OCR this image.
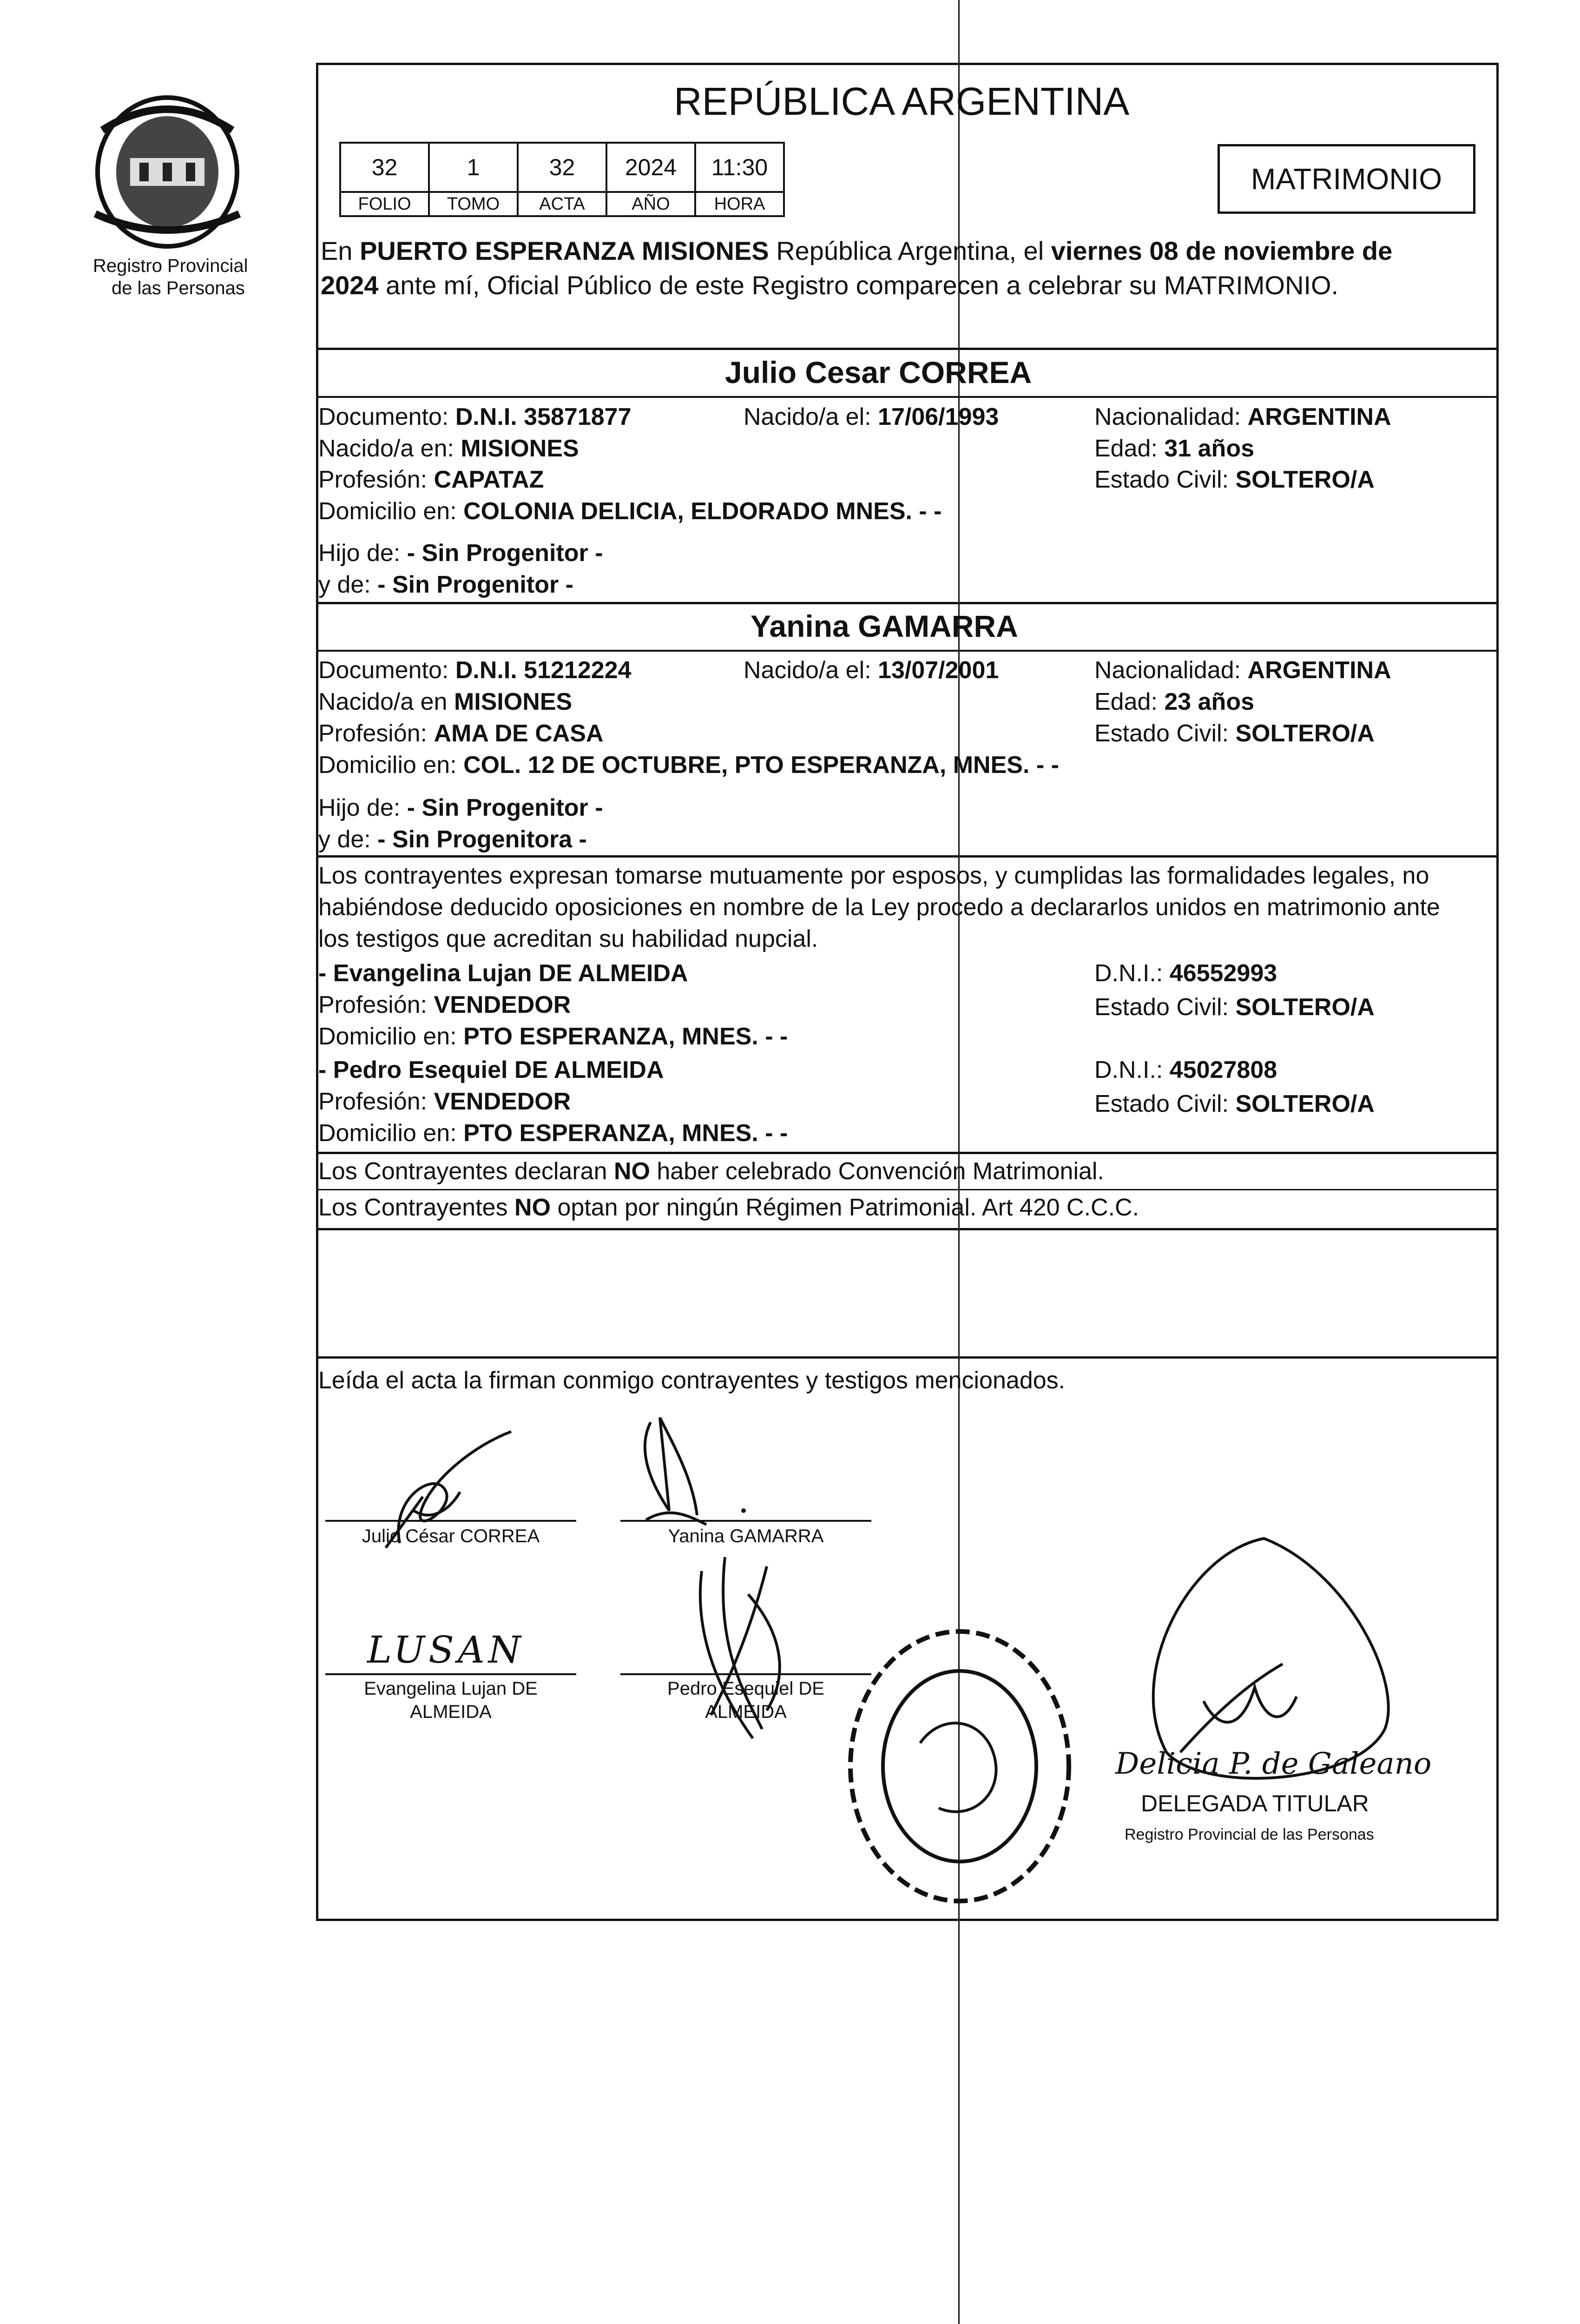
Registro Provincial
de las Personas
REPÚBLICA ARGENTINA
32	1	32	2024	11:30
FOLIO	TOMO	ACTA	AÑO	HORA
MATRIMONIO
En PUERTO ESPERANZA MISIONES República Argentina, el viernes 08 de noviembre de
2024 ante mí, Oficial Público de este Registro comparecen a celebrar su MATRIMONIO.
Julio Cesar CORREA
Documento: D.N.I. 35871877	Nacido/a el: 17/06/1993	Nacionalidad: ARGENTINA
Nacido/a en: MISIONES	Edad: 31 años
Profesión: CAPATAZ	Estado Civil: SOLTERO/A
Domicilio en: COLONIA DELICIA, ELDORADO MNES. - -
Hijo de: - Sin Progenitor -
y de: - Sin Progenitor -
Yanina GAMARRA
Documento: D.N.I. 51212224	Nacido/a el: 13/07/2001	Nacionalidad: ARGENTINA
Nacido/a en MISIONES	Edad: 23 años
Profesión: AMA DE CASA	Estado Civil: SOLTERO/A
Domicilio en: COL. 12 DE OCTUBRE, PTO ESPERANZA, MNES. - -
Hijo de: - Sin Progenitor -
y de: - Sin Progenitora -
Los contrayentes expresan tomarse mutuamente por esposos, y cumplidas las formalidades legales, no
habiéndose deducido oposiciones en nombre de la Ley procedo a declararlos unidos en matrimonio ante
los testigos que acreditan su habilidad nupcial.
- Evangelina Lujan DE ALMEIDA	D.N.I.: 46552993
Profesión: VENDEDOR	Estado Civil: SOLTERO/A
Domicilio en: PTO ESPERANZA, MNES. - -
- Pedro Esequiel DE ALMEIDA	D.N.I.: 45027808
Profesión: VENDEDOR	Estado Civil: SOLTERO/A
Domicilio en: PTO ESPERANZA, MNES. - -
Los Contrayentes declaran NO haber celebrado Convención Matrimonial.
Los Contrayentes NO optan por ningún Régimen Patrimonial. Art 420 C.C.C.
Leída el acta la firman conmigo contrayentes y testigos mencionados.
Julio César CORREA	Yanina GAMARRA
LUSAN
Evangelina Lujan DE
ALMEIDA
Pedro Esequiel DE
ALMEIDA
Delicia P. de Galeano
DELEGADA TITULAR
Registro Provincial de las Personas
